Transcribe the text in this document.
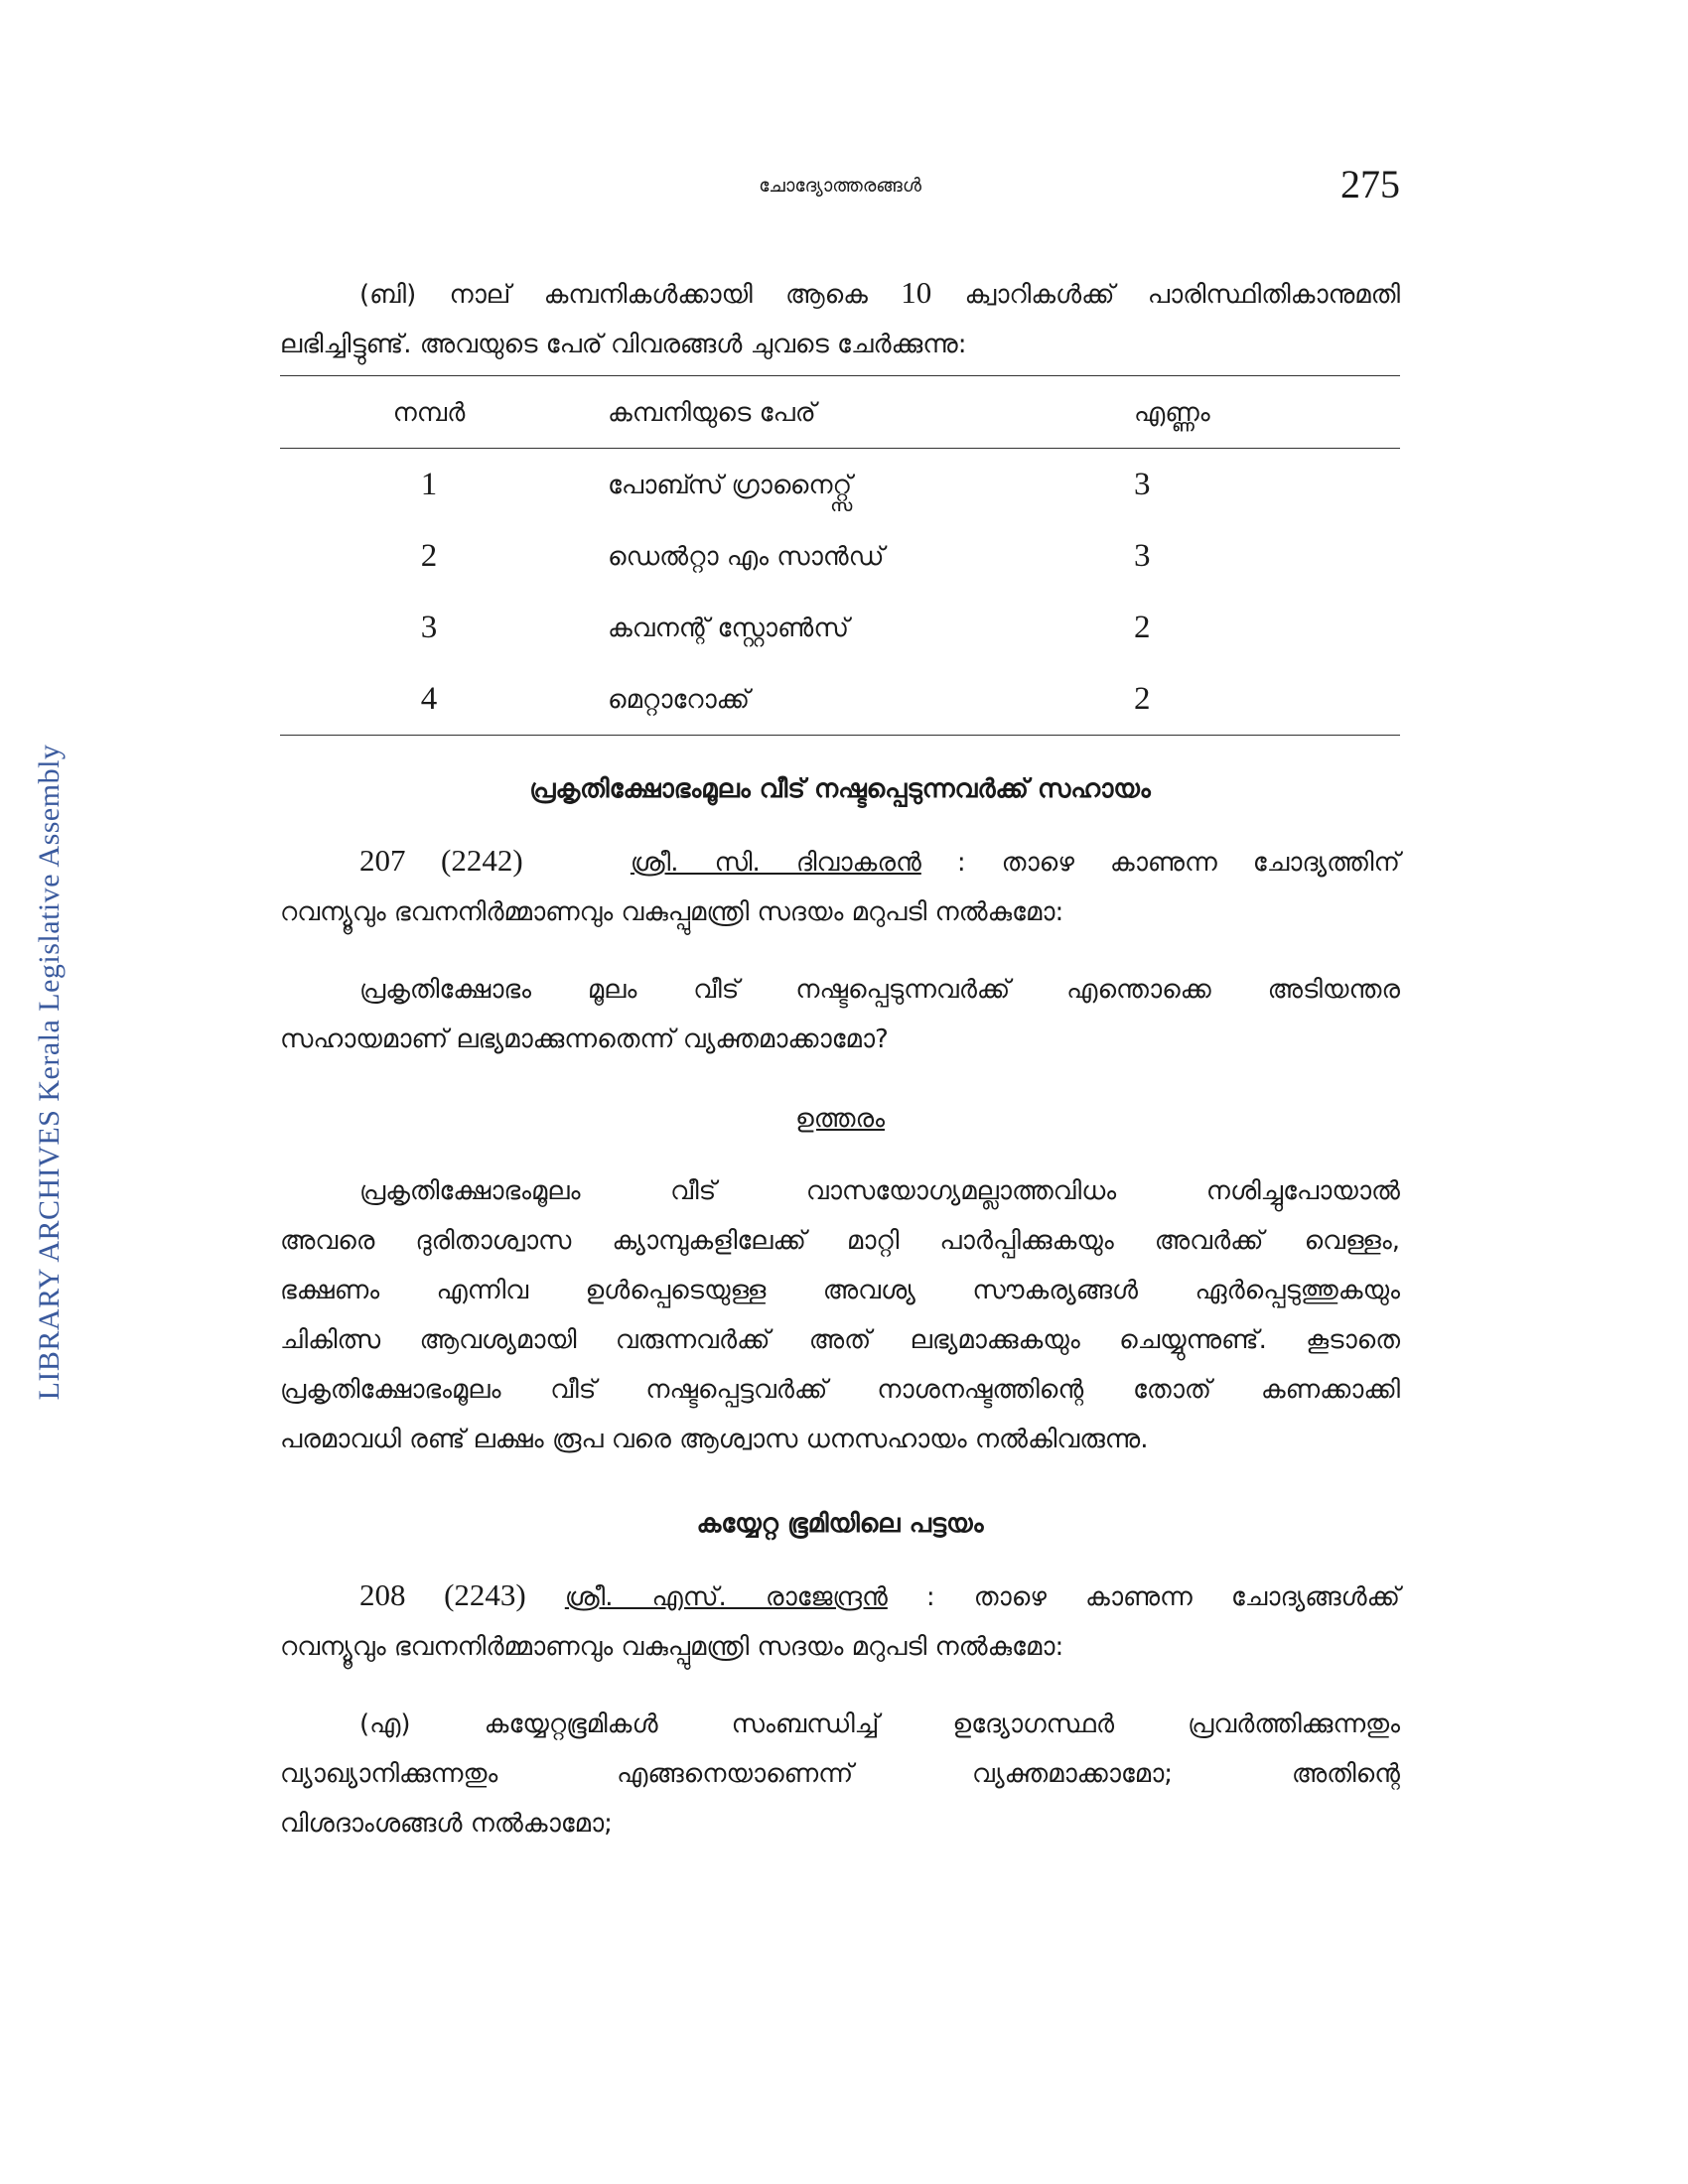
LIBRARY ARCHIVES Kerala Legislative Assembly
ചോദ്യോത്തരങ്ങൾ	275

(ബി) നാല് കമ്പനികൾക്കായി ആകെ 10 ക്വാറികൾക്ക് പാരിസ്ഥിതികാനുമതി
ലഭിച്ചിട്ടുണ്ട്. അവയുടെ പേര് വിവരങ്ങൾ ചുവടെ ചേർക്കുന്നു:

നമ്പർ	കമ്പനിയുടെ പേര്	എണ്ണം
1	പോബ്സ് ഗ്രാനൈറ്റ്സ്	3
2	ഡെൽറ്റാ എം സാൻഡ്	3
3	കവനന്റ് സ്റ്റോൺസ്	2
4	മെറ്റാറോക്ക്	2
പ്രകൃതിക്ഷോഭംമൂലം വീട് നഷ്ടപ്പെടുന്നവർക്ക് സഹായം

207 (2242)	ശ്രീ. സി. ദിവാകരൻ : താഴെ കാണുന്ന ചോദ്യത്തിന്
റവന്യൂവും ഭവനനിർമ്മാണവും വകുപ്പുമന്ത്രി സദയം മറുപടി നൽകുമോ:

പ്രകൃതിക്ഷോഭം മൂലം വീട് നഷ്ടപ്പെടുന്നവർക്ക് എന്തൊക്കെ അടിയന്തര
സഹായമാണ് ലഭ്യമാക്കുന്നതെന്ന് വ്യക്തമാക്കാമോ?

ഉത്തരം

പ്രകൃതിക്ഷോഭംമൂലം വീട് വാസയോഗ്യമല്ലാത്തവിധം നശിച്ചുപോയാൽ
അവരെ ദുരിതാശ്വാസ ക്യാമ്പുകളിലേക്ക് മാറ്റി പാർപ്പിക്കുകയും അവർക്ക് വെള്ളം,
ഭക്ഷണം എന്നിവ ഉൾപ്പെടെയുള്ള അവശ്യ സൗകര്യങ്ങൾ ഏർപ്പെടുത്തുകയും
ചികിത്സ ആവശ്യമായി വരുന്നവർക്ക് അത് ലഭ്യമാക്കുകയും ചെയ്യുന്നുണ്ട്. കൂടാതെ
പ്രകൃതിക്ഷോഭംമൂലം വീട് നഷ്ടപ്പെട്ടവർക്ക് നാശനഷ്ടത്തിന്റെ തോത് കണക്കാക്കി
പരമാവധി രണ്ട് ലക്ഷം രൂപ വരെ ആശ്വാസ ധനസഹായം നൽകിവരുന്നു.

കയ്യേറ്റ ഭൂമിയിലെ പട്ടയം

208 (2243) ശ്രീ. എസ്. രാജേന്ദ്രൻ : താഴെ കാണുന്ന ചോദ്യങ്ങൾക്ക്
റവന്യൂവും ഭവനനിർമ്മാണവും വകുപ്പുമന്ത്രി സദയം മറുപടി നൽകുമോ:

(എ) കയ്യേറ്റഭൂമികൾ സംബന്ധിച്ച് ഉദ്യോഗസ്ഥർ പ്രവർത്തിക്കുന്നതും
വ്യാഖ്യാനിക്കുന്നതും എങ്ങനെയാണെന്ന് വ്യക്തമാക്കാമോ; അതിന്റെ
വിശദാംശങ്ങൾ നൽകാമോ;
